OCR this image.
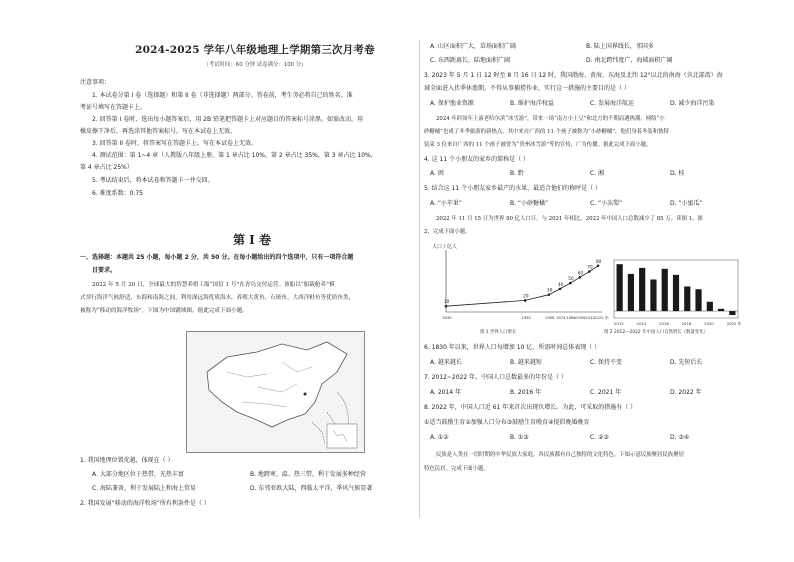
2024-2025 学年八年级地理上学期第三次月考卷
（考试时间：60 分钟 试卷满分：100 分）
注意事项：
1. 本试卷分第 I 卷（选择题）和第 II 卷（非选择题）两部分。答卷前，考生务必将自己的姓名、准
考证号填写在答题卡上。
2. 回答第 I 卷时，选出每小题答案后，用 2B 铅笔把答题卡上对应题目的答案标号涂黑。如需改动，用
橡皮擦干净后，再选涂其他答案标号。写在本试卷上无效。
3. 回答第 II 卷时，将答案写在答题卡上。写在本试卷上无效。
4. 测试范围：第 1~4 章（人教版八年级上册，第 1 章占比 10%，第 2 章占比 35%，第 3 章占比 10%，
第 4 章占比 25%）
5. 考试结束后，将本试卷和答题卡一并交回。
6. 难度系数：0.75
第 I 卷
一、选择题：本题共 25 小题，每小题 2 分，共 50 分。在每小题给出的四个选项中，只有一项符合题
目要求。
2022 年 5 月 20 日，全球最大的智慧养殖工船“国信 1 号”在青岛交付运营。该船以“船载舱养”模
式穿行海洋气候舒适，东海和南海之间，利用深远海优质海水，养殖大黄鱼、石斑鱼、大西洋鲑鱼等优质鱼类，
被称为“移动的海洋牧场”。下图为中国疆域图。据此完成下面小题。
1. 我国地理位置优越，体现在（ ）
A. 大部分地区位于热带，光热丰富	B. 地跨寒、温、热三带，利于发展多种经营
C. 海陆兼备，利于发展陆上和海上贸易	D. 东邻亚欧大陆，西临太平洋，季风气候显著
2. 我国发展“移动的海洋牧场”所有利条件是（ ）
A. 山区面积广大，草场面积广阔	B. 陆上国界线长，邻国多
C. 东西距离长，陆地面积广阔	D. 南北跨纬度广，海域面积广阔
3. 2023 年 5 月 1 日 12 时至 8 月 16 日 12 时，我国渤海、黄海、东海及北纬 12°以北的南海（含北部湾）海
域全面进入伏季休渔期，不得从事捕捞作业，实行这一措施的主要目的是（ ）
A. 保护渔业资源	B. 维护海洋权益	C. 发展海洋航运	D. 减少海洋污染
2024 年时间年上演老哈尔滨“冰雪游”，带来一场“南方小土豆”和北方的不期而遇热潮。网络“小
砂糖橘”也成了冬季旅游的新热点，其中来自广西的 11 个孩子被称为“小砂糖橘”，他们身着冬装和独特
装束 3 位来自广西的 11 个孩子被誉为“贵州冰雪游”等的宣传，广为传播。据此完成下面小题。
4. 这 11 个小朋友的家乡的简称是（ ）
A. 闽	B. 黔	C. 湘	D. 桂
5. 结合这 11 个小朋友家乡最产的水果，最适合他们的称呼是（ ）
A. “小苹果”	B. “小砂糖橘”	C. “小冻梨”	D. “小蜜瓜”
2022 年 11 月 15 日为世界 80 亿人口日。与 2021 年相比，2022 年中国人口总数减少了 85 万。读图 1、图
2，完成下面小题。
人口 / 亿人
10
1830
20
1930
30
1958
40
1974
50
1986
60
1999
70
2011
80
2022 年
图 1 世界人口增长
2012	2014	2016	2018	2020	2022 年
图 2 2012—2022 年中国人口自然增长（数量变化）
6. 1830 年以来，世界人口每增加 10 亿，所需时间总体表现（ ）
A. 越来越长	B. 越来越短	C. 保持不变	D. 先短后长
7. 2012~2022 年，中国人口总数最多的年份是（ ）
A. 2014 年	B. 2016 年	C. 2021 年	D. 2022 年
8. 2022 年，中国人口近 61 年来首次出现负增长。为此，可采取的措施有（ ）
①适当鼓励生育②加强人口分布③鼓励生育晚育④提倡晚婚晚育
A. ①②	B. ①③	C. ②③	D. ③④
民族是人类在一切时期的中华民族大家庭。各民族都有自己独特的文化特色。下图示意民族聚居民族聚居
特色民居。完成下面小题。
